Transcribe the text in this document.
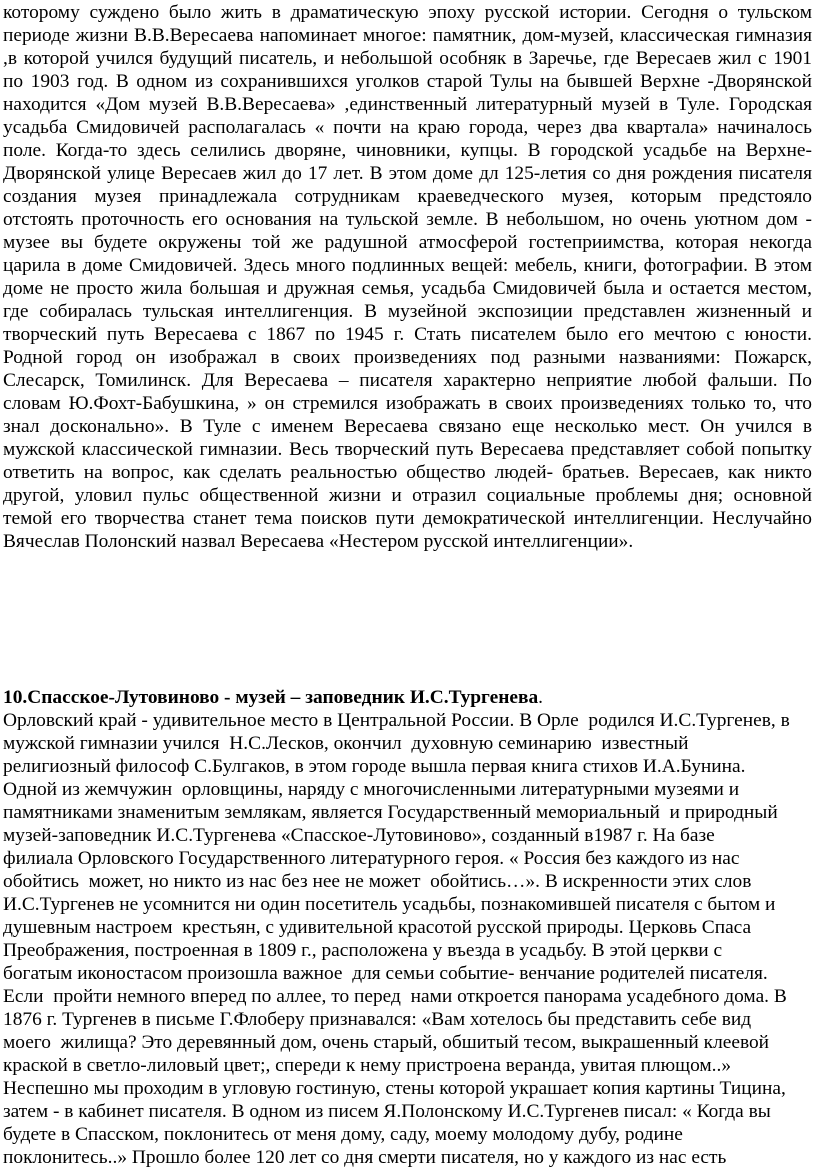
которому суждено было жить в драматическую эпоху русской истории. Сегодня о тульском
периоде жизни В.В.Вересаева напоминает многое: памятник, дом-музей, классическая гимназия
,в которой учился будущий писатель, и небольшой особняк в Заречье, где Вересаев жил с 1901
по 1903 год. В одном из сохранившихся уголков старой Тулы на бывшей Верхне -Дворянской
находится «Дом музей В.В.Вересаева» ,единственный литературный музей в Туле. Городская
усадьба Смидовичей располагалась « почти на краю города, через два квартала» начиналось
поле. Когда-то здесь селились дворяне, чиновники, купцы. В городской усадьбе на Верхне-
Дворянской улице Вересаев жил до 17 лет. В этом доме дл 125-летия со дня рождения писателя
создания музея принадлежала сотрудникам краеведческого музея, которым предстояло
отстоять проточность его основания на тульской земле. В небольшом, но очень уютном дом -
музее вы будете окружены той же радушной атмосферой гостеприимства, которая некогда
царила в доме Смидовичей. Здесь много подлинных вещей: мебель, книги, фотографии. В этом
доме не просто жила большая и дружная семья, усадьба Смидовичей была и остается местом,
где собиралась тульская интеллигенция. В музейной экспозиции представлен жизненный и
творческий путь Вересаева с 1867 по 1945 г. Стать писателем было его мечтою с юности.
Родной город он изображал в своих произведениях под разными названиями: Пожарск,
Слесарск, Томилинск. Для Вересаева – писателя характерно неприятие любой фальши. По
словам Ю.Фохт-Бабушкина, » он стремился изображать в своих произведениях только то, что
знал досконально». В Туле с именем Вересаева связано еще несколько мест. Он учился в
мужской классической гимназии. Весь творческий путь Вересаева представляет собой попытку
ответить на вопрос, как сделать реальностью общество людей- братьев. Вересаев, как никто
другой, уловил пульс общественной жизни и отразил социальные проблемы дня; основной
темой его творчества станет тема поисков пути демократической интеллигенции. Неслучайно
Вячеслав Полонский назвал Вересаева «Нестером русской интеллигенции».
10.Спасское-Лутовиново - музей – заповедник И.С.Тургенева.
Орловский край - удивительное место в Центральной России. В Орле  родился И.С.Тургенев, в
мужской гимназии учился  Н.С.Лесков, окончил  духовную семинарию  известный
религиозный философ С.Булгаков, в этом городе вышла первая книга стихов И.А.Бунина.
Одной из жемчужин  орловщины, наряду с многочисленными литературными музеями и
памятниками знаменитым землякам, является Государственный мемориальный  и природный
музей-заповедник И.С.Тургенева «Спасское-Лутовиново», созданный в1987 г. На базе
филиала Орловского Государственного литературного героя. « Россия без каждого из нас
обойтись  может, но никто из нас без нее не может  обойтись…». В искренности этих слов
И.С.Тургенев не усомнится ни один посетитель усадьбы, познакомившей писателя с бытом и
душевным настроем  крестьян, с удивительной красотой русской природы. Церковь Спаса
Преображения, построенная в 1809 г., расположена у въезда в усадьбу. В этой церкви с
богатым иконостасом произошла важное  для семьи событие- венчание родителей писателя.
Если  пройти немного вперед по аллее, то перед  нами откроется панорама усадебного дома. В
1876 г. Тургенев в письме Г.Флоберу признавался: «Вам хотелось бы представить себе вид
моего  жилища? Это деревянный дом, очень старый, обшитый тесом, выкрашенный клеевой
краской в светло-лиловый цвет;, спереди к нему пристроена веранда, увитая плющом..»
Неспешно мы проходим в угловую гостиную, стены которой украшает копия картины Тицина,
затем - в кабинет писателя. В одном из писем Я.Полонскому И.С.Тургенев писал: « Когда вы
будете в Спасском, поклонитесь от меня дому, саду, моему молодому дубу, родине
поклонитесь..» Прошло более 120 лет со дня смерти писателя, но у каждого из нас есть
